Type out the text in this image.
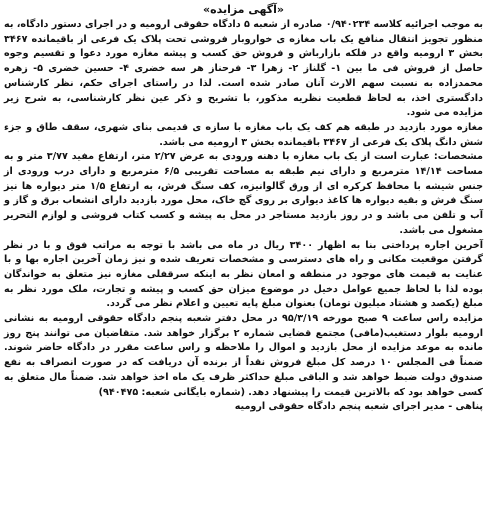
«آگهی مزایده»

به موجب اجرائیه کلاسه ۰/۹۴۰۲۳۴ صادره از شعبه ۵ دادگاه حقوقی ارومیه و در اجرای دستور دادگاه، به منظور تجویز انتقال منافع یک باب مغازه ی خواروبار فروشی تحت پلاک یک فرعی از باقیمانده ۳۴۶۷ بخش ۳ ارومیه واقع در فلکه بازارباش و فروش حق کسب و پیشه مغازه مورد دعوا و تقسیم وجوه حاصل از فروش فی ما بین ۱- گلناز ۲- زهرا ۳- فرحناز هر سه خضری ۴- حسین خضری ۵- زهره محمدزاده به نسبت سهم الارث آنان صادر شده است. لذا در راستای اجرای حکم، نظر کارشناس دادگستری اخذ، به لحاظ قطعیت نظریه مذکور، با تشریح و ذکر عین نظر کارشناسی، به شرح زیر مزایده می شود.

مغازه مورد بازدید در طبقه هم کف یک باب مغازه با سازه ی قدیمی بنای شهری، سقف طاق و جزء شش دانگ پلاک یک فرعی از ۳۴۶۷ باقیمانده بخش ۳ ارومیه می باشد.

مشخصات: عبارت است از یک باب مغازه با دهنه ورودی به عرض ۲/۲۷ متر، ارتفاع مفید ۳/۷۷ متر و به مساحت ۱۴/۱۴ مترمربع و دارای نیم طبقه به مساحت تقریبی ۶/۵ مترمربع و دارای درب ورودی از جنس شیشه با محافظ کرکره ای از ورق گالوانیزه، کف سنگ فرش، به ارتفاع ۱/۵ متر دیواره ها نیز سنگ فرش و بقیه دیواره ها کاغذ دیواری بر روی گچ خاک، محل مورد بازدید دارای انشعاب برق و گاز و آب و تلفن می باشد و در روز بازدید مستاجر در محل به پیشه و کسب کتاب فروشی و لوازم التحریر مشغول می باشد.

آخرین اجاره پرداختی بنا به اظهار ۳۴۰۰ ریال در ماه می باشد با توجه به مراتب فوق و با در نظر گرفتن موقعیت مکانی و راه های دسترسی و مشخصات تعریف شده و نیز زمان آخرین اجاره بها و با عنایت به قیمت های موجود در منطقه و امعان نظر به اینکه سرقفلی مغازه نیز متعلق به خواندگان بوده لذا با لحاظ جمیع عوامل دخیل در موضوع میزان حق کسب و پیشه و تجارت، ملک مورد نظر به مبلغ (یکصد و هشتاد میلیون تومان) بعنوان مبلغ پایه تعیین و اعلام نظر می گردد.

مزایده راس ساعت ۹ صبح مورخه ۹۵/۳/۱۹ در محل دفتر شعبه پنجم دادگاه حقوقی ارومیه به نشانی ارومیه بلوار دستغیب(مافی) مجتمع قضایی شماره ۲ برگزار خواهد شد. متقاضیان می توانند پنج روز مانده به موعد مزایده از محل بازدید و اموال را ملاحظه و راس ساعت مقرر در دادگاه حاضر شوند. ضمناً فی المجلس ۱۰ درصد کل مبلغ فروش نقداً از برنده آن دریافت که در صورت انصراف به نفع صندوق دولت ضبط خواهد شد و الباقی مبلغ حداکثر ظرف یک ماه اخذ خواهد شد. ضمناً مال متعلق به کسی خواهد بود که بالاترین قیمت را پیشنهاد دهد. (شماره بایگانی شعبه: ۹۴۰۴۷۵)

پناهی - مدیر اجرای شعبه پنجم دادگاه حقوقی ارومیه
